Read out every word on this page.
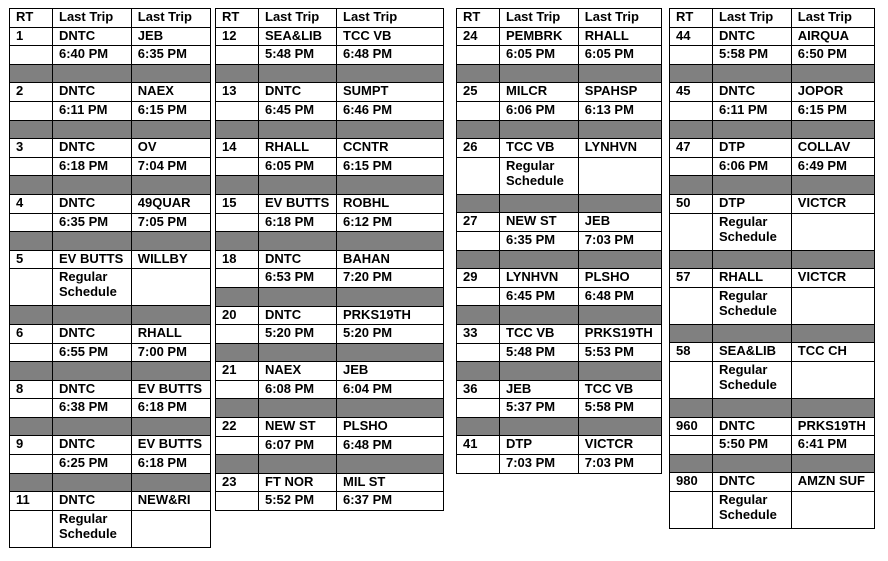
RT	Last Trip	Last Trip
1	DNTC	JEB
	6:40 PM	6:35 PM

2	DNTC	NAEX
	6:11 PM	6:15 PM

3	DNTC	OV
	6:18 PM	7:04 PM

4	DNTC	49QUAR
	6:35 PM	7:05 PM

5	EV BUTTS	WILLBY
	Regular Schedule	

6	DNTC	RHALL
	6:55 PM	7:00 PM

8	DNTC	EV BUTTS
	6:38 PM	6:18 PM

9	DNTC	EV BUTTS
	6:25 PM	6:18 PM

11	DNTC	NEW&RI
	Regular Schedule	
RT	Last Trip	Last Trip
12	SEA&LIB	TCC VB
	5:48 PM	6:48 PM

13	DNTC	SUMPT
	6:45 PM	6:46 PM

14	RHALL	CCNTR
	6:05 PM	6:15 PM

15	EV BUTTS	ROBHL
	6:18 PM	6:12 PM

18	DNTC	BAHAN
	6:53 PM	7:20 PM

20	DNTC	PRKS19TH
	5:20 PM	5:20 PM

21	NAEX	JEB
	6:08 PM	6:04 PM

22	NEW ST	PLSHO
	6:07 PM	6:48 PM

23	FT NOR	MIL ST
	5:52 PM	6:37 PM
RT	Last Trip	Last Trip
24	PEMBRK	RHALL
	6:05 PM	6:05 PM

25	MILCR	SPAHSP
	6:06 PM	6:13 PM

26	TCC VB	LYNHVN
	Regular Schedule	

27	NEW ST	JEB
	6:35 PM	7:03 PM

29	LYNHVN	PLSHO
	6:45 PM	6:48 PM

33	TCC VB	PRKS19TH
	5:48 PM	5:53 PM

36	JEB	TCC VB
	5:37 PM	5:58 PM

41	DTP	VICTCR
	7:03 PM	7:03 PM
RT	Last Trip	Last Trip
44	DNTC	AIRQUA
	5:58 PM	6:50 PM

45	DNTC	JOPOR
	6:11 PM	6:15 PM

47	DTP	COLLAV
	6:06 PM	6:49 PM

50	DTP	VICTCR
	Regular Schedule	

57	RHALL	VICTCR
	Regular Schedule	

58	SEA&LIB	TCC CH
	Regular Schedule	

960	DNTC	PRKS19TH
	5:50 PM	6:41 PM

980	DNTC	AMZN SUF
	Regular Schedule	
